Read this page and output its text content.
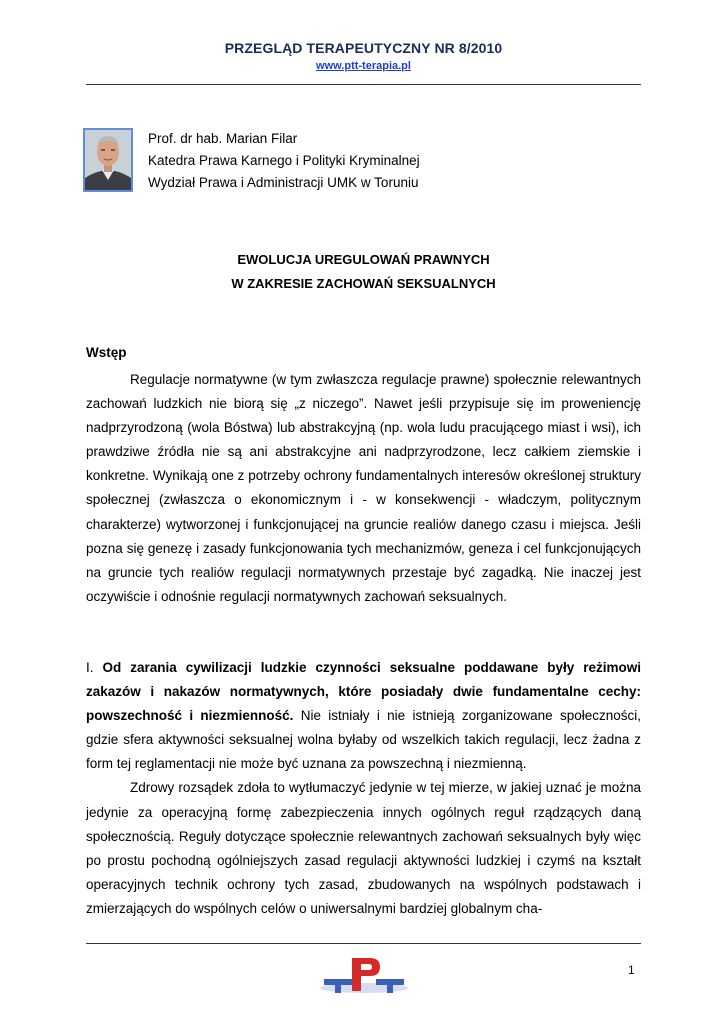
PRZEGLĄD TERAPEUTYCZNY NR 8/2010
www.ptt-terapia.pl
Prof. dr hab. Marian Filar
Katedra Prawa Karnego i Polityki Kryminalnej
Wydział Prawa i Administracji UMK w Toruniu
EWOLUCJA UREGULOWAŃ PRAWNYCH
W ZAKRESIE ZACHOWAŃ SEKSUALNYCH
Wstęp

Regulacje normatywne (w tym zwłaszcza regulacje prawne) społecznie relewantnych zachowań ludzkich nie biorą się „z niczego”. Nawet jeśli przypisuje się im proweniencję nadprzyrodzoną (wola Bóstwa) lub abstrakcyjną (np. wola ludu pracującego miast i wsi), ich prawdziwe źródła nie są ani abstrakcyjne ani nadprzyrodzone, lecz całkiem ziemskie i konkretne. Wynikają one z potrzeby ochrony fundamentalnych interesów określonej struktury społecznej (zwłaszcza o ekonomicznym i - w konsekwencji - władczym, politycznym charakterze) wytworzonej i funkcjonującej na gruncie realiów danego czasu i miejsca. Jeśli pozna się genezę i zasady funkcjonowania tych mechanizmów, geneza i cel funkcjonujących na gruncie tych realiów regulacji normatywnych przestaje być zagadką. Nie inaczej jest oczywiście i odnośnie regulacji normatywnych zachowań seksualnych.

I. Od zarania cywilizacji ludzkie czynności seksualne poddawane były reżimowi zakazów i nakazów normatywnych, które posiadały dwie fundamentalne cechy: powszechność i niezmienność. Nie istniały i nie istnieją zorganizowane społeczności, gdzie sfera aktywności seksualnej wolna byłaby od wszelkich takich regulacji, lecz żadna z form tej reglamentacji nie może być uznana za powszechną i niezmienną.

Zdrowy rozsądek zdoła to wytłumaczyć jedynie w tej mierze, w jakiej uznać je można jedynie za operacyjną formę zabezpieczenia innych ogólnych reguł rządzących daną społecznością. Reguły dotyczące społecznie relewantnych zachowań seksualnych były więc po prostu pochodną ogólniejszych zasad regulacji aktywności ludzkiej i czymś na kształt operacyjnych technik ochrony tych zasad, zbudowanych na wspólnych podstawach i zmierzających do wspólnych celów o uniwersalnymi bardziej globalnym cha-

1
